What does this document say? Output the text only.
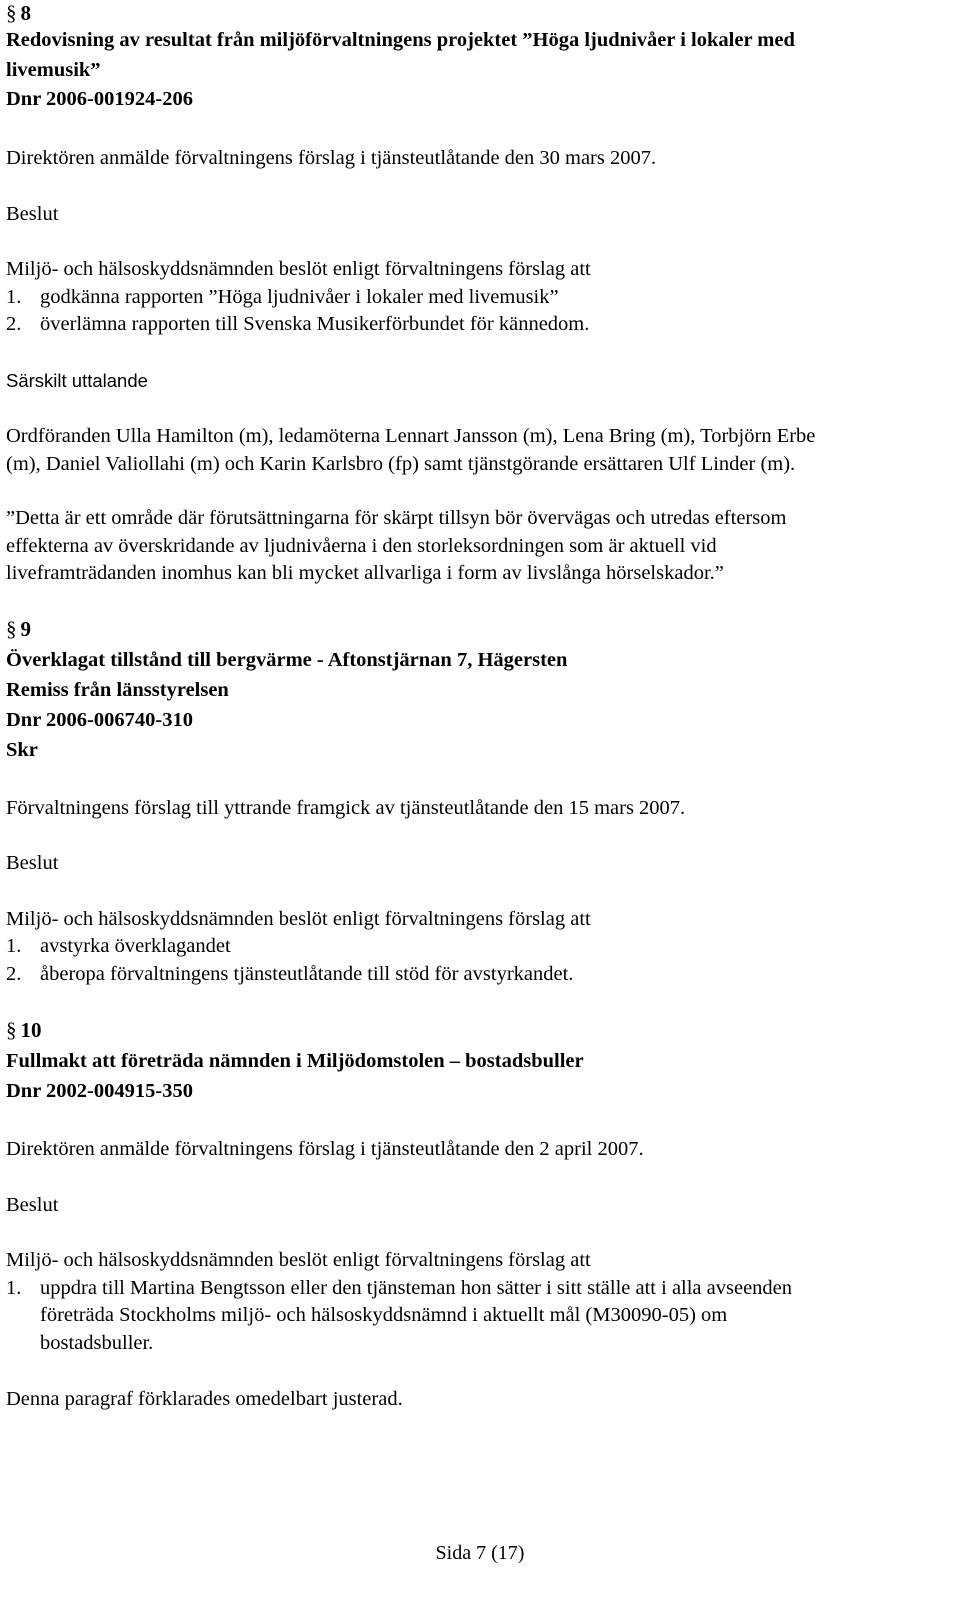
§ 8
Redovisning av resultat från miljöförvaltningens projektet ”Höga ljudnivåer i lokaler med
livemusik”
Dnr 2006-001924-206
Direktören anmälde förvaltningens förslag i tjänsteutlåtande den 30 mars 2007.
Beslut
Miljö- och hälsoskyddsnämnden beslöt enligt förvaltningens förslag att
1. godkänna rapporten ”Höga ljudnivåer i lokaler med livemusik”
2. överlämna rapporten till Svenska Musikerförbundet för kännedom.
Särskilt uttalande
Ordföranden Ulla Hamilton (m), ledamöterna Lennart Jansson (m), Lena Bring (m), Torbjörn Erbe
(m), Daniel Valiollahi (m) och Karin Karlsbro (fp) samt tjänstgörande ersättaren Ulf Linder (m).
”Detta är ett område där förutsättningarna för skärpt tillsyn bör övervägas och utredas eftersom
effekterna av överskridande av ljudnivåerna i den storleksordningen som är aktuell vid
liveframträdanden inomhus kan bli mycket allvarliga i form av livslånga hörselskador.”
§ 9
Överklagat tillstånd till bergvärme - Aftonstjärnan 7, Hägersten
Remiss från länsstyrelsen
Dnr 2006-006740-310
Skr
Förvaltningens förslag till yttrande framgick av tjänsteutlåtande den 15 mars 2007.
Beslut
Miljö- och hälsoskyddsnämnden beslöt enligt förvaltningens förslag att
1. avstyrka överklagandet
2. åberopa förvaltningens tjänsteutlåtande till stöd för avstyrkandet.
§ 10
Fullmakt att företräda nämnden i Miljödomstolen – bostadsbuller
Dnr 2002-004915-350
Direktören anmälde förvaltningens förslag i tjänsteutlåtande den 2 april 2007.
Beslut
Miljö- och hälsoskyddsnämnden beslöt enligt förvaltningens förslag att
1. uppdra till Martina Bengtsson eller den tjänsteman hon sätter i sitt ställe att i alla avseenden
företräda Stockholms miljö- och hälsoskyddsnämnd i aktuellt mål (M30090-05) om
bostadsbuller.
Denna paragraf förklarades omedelbart justerad.
Sida 7 (17)
